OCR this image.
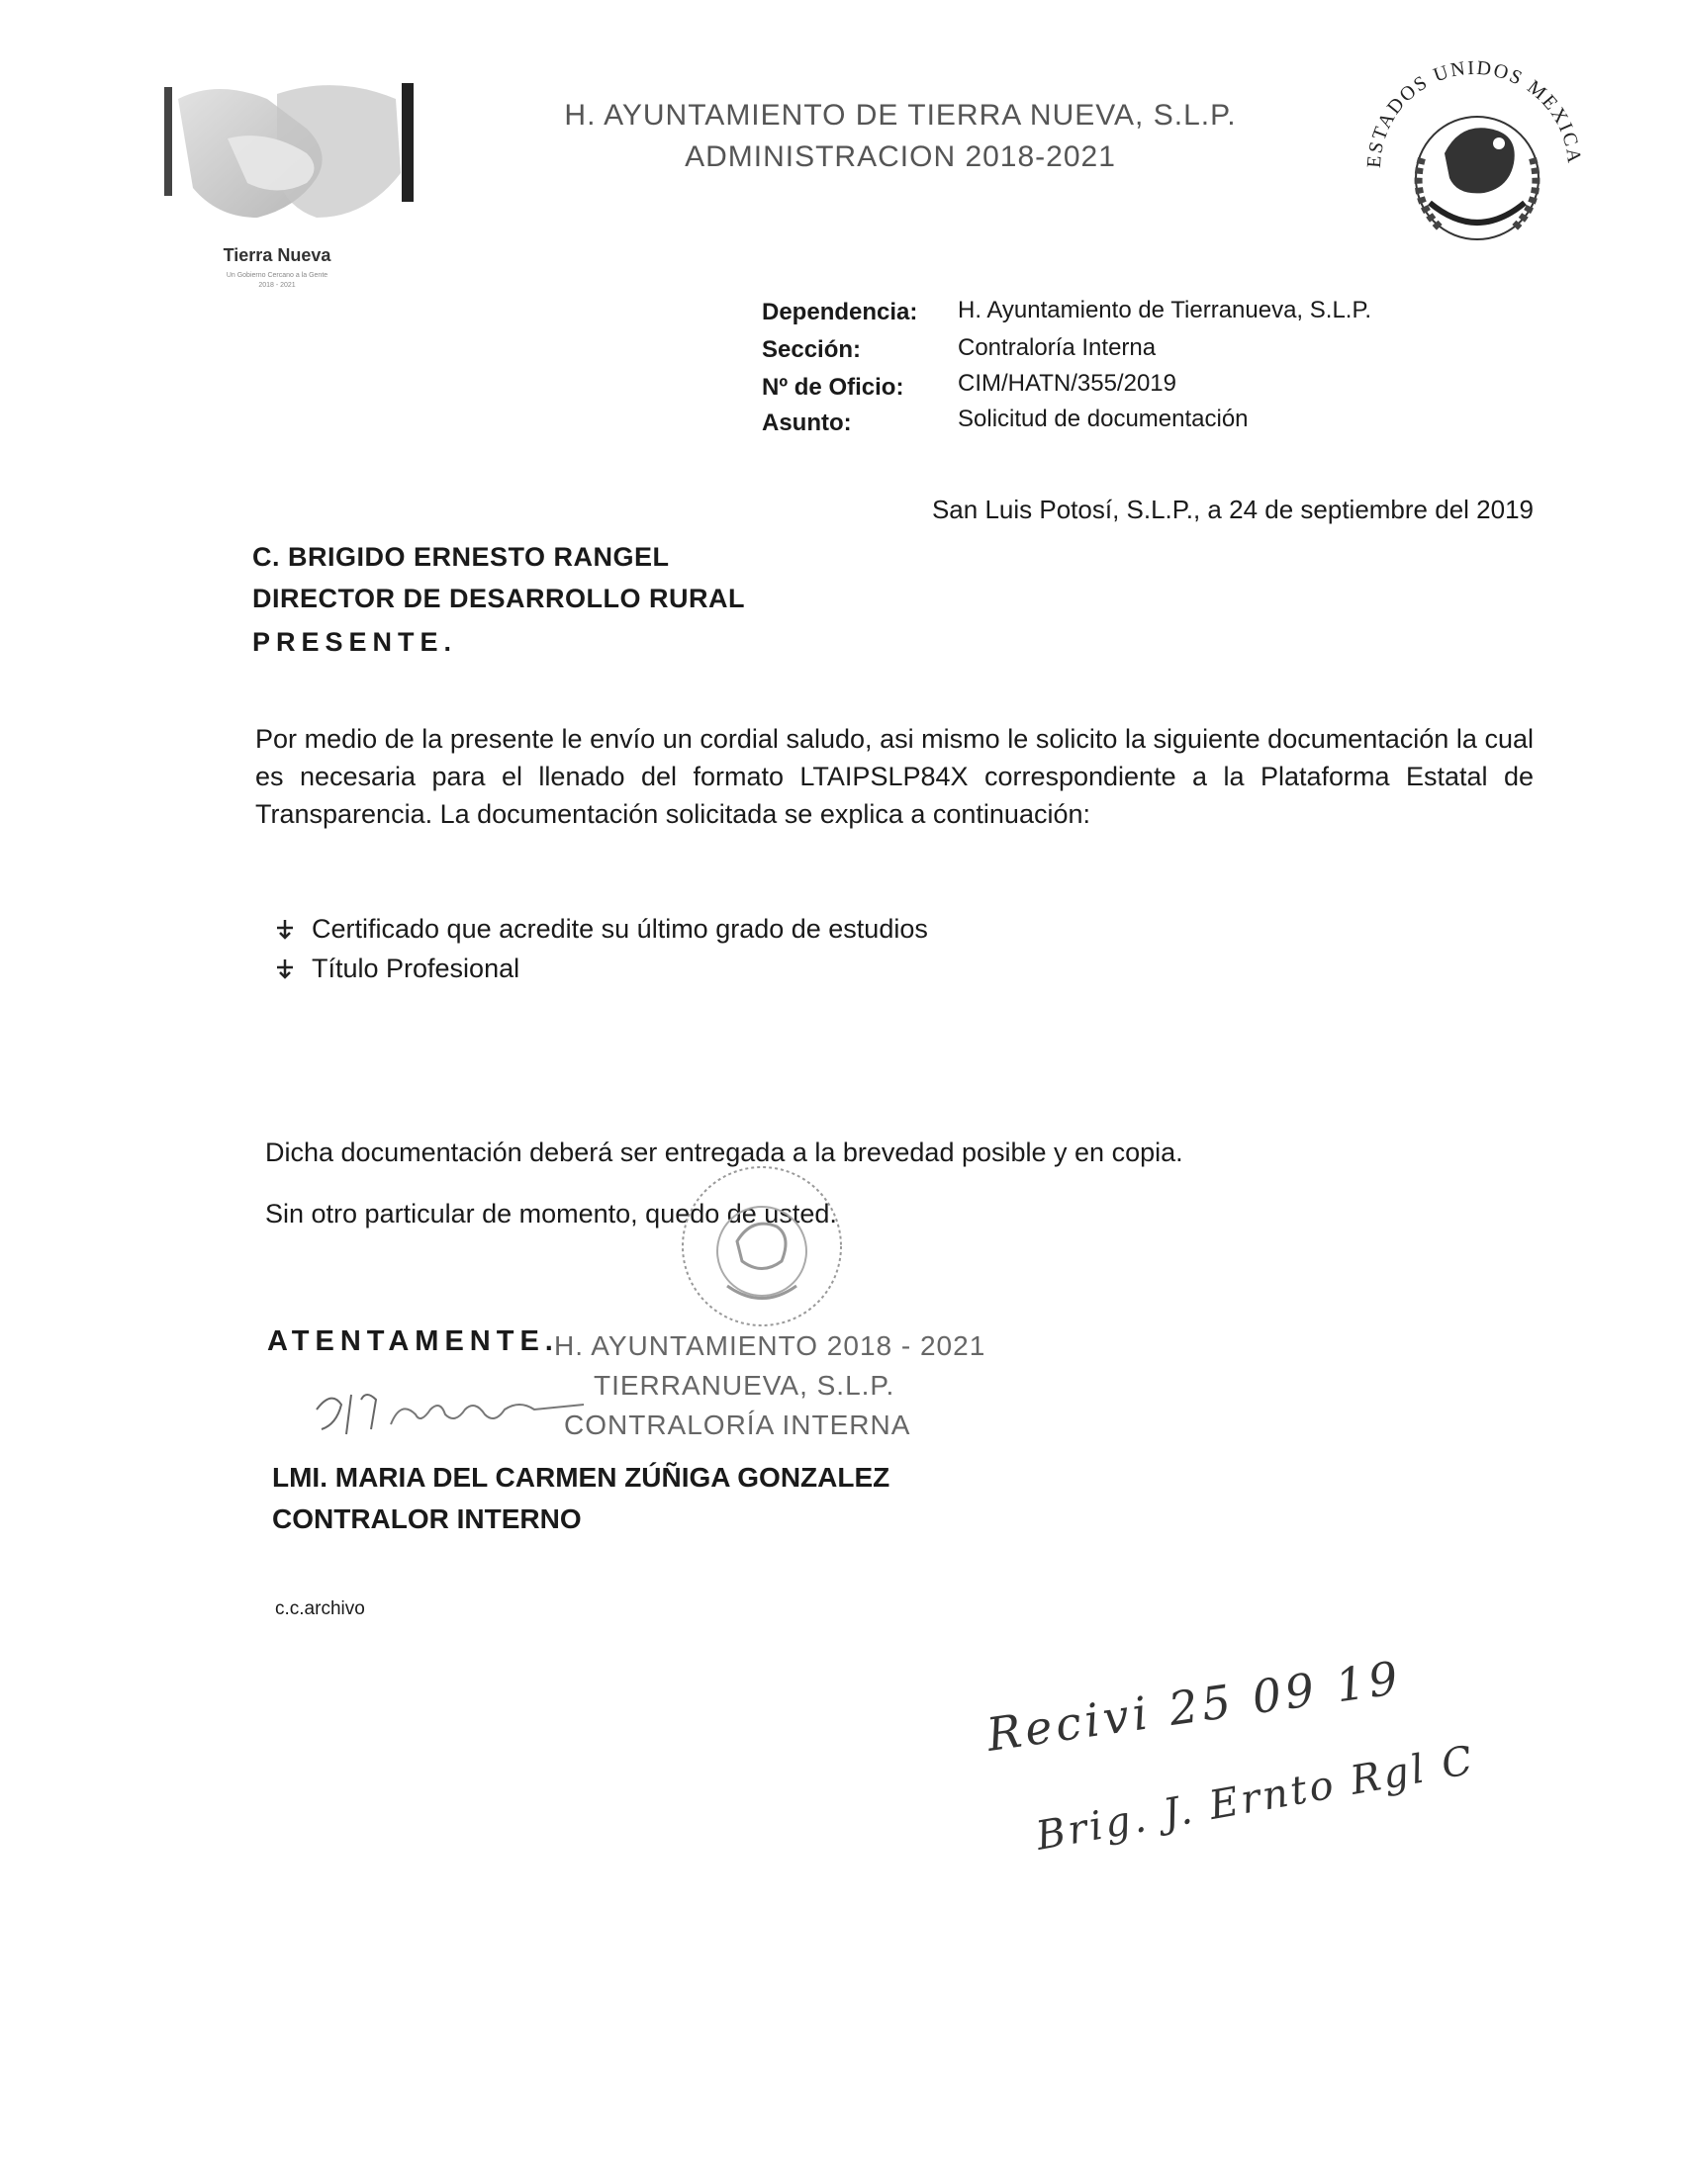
Tierra Nueva
Un Gobierno Cercano a la Gente
2018 - 2021
H. AYUNTAMIENTO DE TIERRA NUEVA, S.L.P.
ADMINISTRACION 2018-2021	ESTADOS UNIDOS MEXICA
Dependencia: H. Ayuntamiento de Tierranueva, S.L.P.
Sección:	Contraloría Interna
Nº de Oficio: CIM/HATN/355/2019
Asunto:	Solicitud de documentación
San Luis Potosí, S.L.P., a 24 de septiembre del 2019
C. BRIGIDO ERNESTO RANGEL
DIRECTOR DE DESARROLLO RURAL
PRESENTE.
Por medio de la presente le envío un cordial saludo, asi mismo le solicito la siguiente documentación la cual es necesaria para el llenado del formato LTAIPSLP84X correspondiente a la Plataforma Estatal de Transparencia. La documentación solicitada se explica a continuación:
Certificado que acredite su último grado de estudios
Título Profesional
Dicha documentación deberá ser entregada a la brevedad posible y en copia.
Sin otro particular de momento, quedo de usted.
ATENTAMENTE.
H. AYUNTAMIENTO 2018 - 2021
TIERRANUEVA, S.L.P.
CONTRALORÍA INTERNA
LMI. MARIA DEL CARMEN ZÚÑIGA GONZALEZ
CONTRALOR INTERNO
c.c.archivo
Recivi 25 09 19
Brig. J. Ernto Rgl C.
